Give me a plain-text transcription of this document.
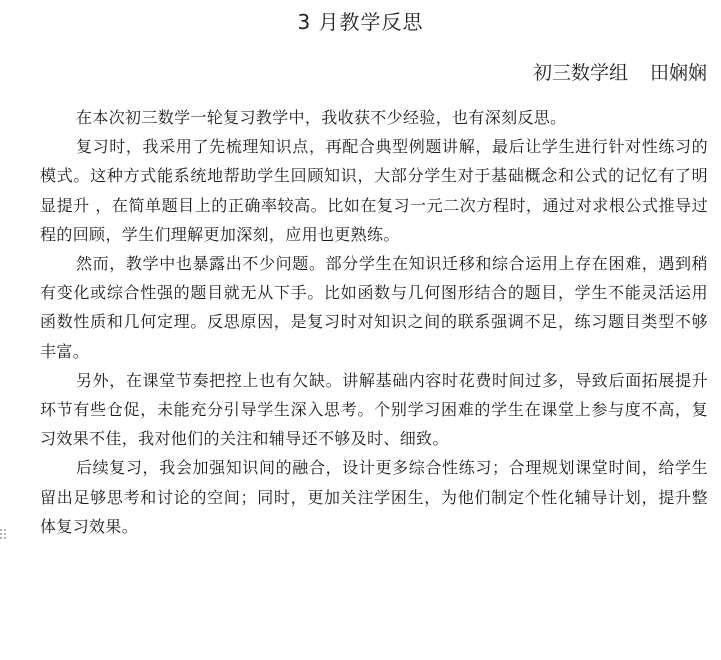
3 月教学反思
初三数学组 田娴娴

在本次初三数学一轮复习教学中，我收获不少经验，也有深刻反思。

复习时，我采用了先梳理知识点，再配合典型例题讲解，最后让学生进行针对性练习的模式。这种方式能系统地帮助学生回顾知识，大部分学生对于基础概念和公式的记忆有了明显提升 ，在简单题目上的正确率较高。比如在复习一元二次方程时，通过对求根公式推导过程的回顾，学生们理解更加深刻，应用也更熟练。

然而，教学中也暴露出不少问题。部分学生在知识迁移和综合运用上存在困难，遇到稍有变化或综合性强的题目就无从下手。比如函数与几何图形结合的题目，学生不能灵活运用函数性质和几何定理。反思原因，是复习时对知识之间的联系强调不足，练习题目类型不够丰富。

另外，在课堂节奏把控上也有欠缺。讲解基础内容时花费时间过多，导致后面拓展提升环节有些仓促，未能充分引导学生深入思考。个别学习困难的学生在课堂上参与度不高，复习效果不佳，我对他们的关注和辅导还不够及时、细致。

后续复习，我会加强知识间的融合，设计更多综合性练习；合理规划课堂时间，给学生留出足够思考和讨论的空间；同时，更加关注学困生，为他们制定个性化辅导计划，提升整体复习效果。
